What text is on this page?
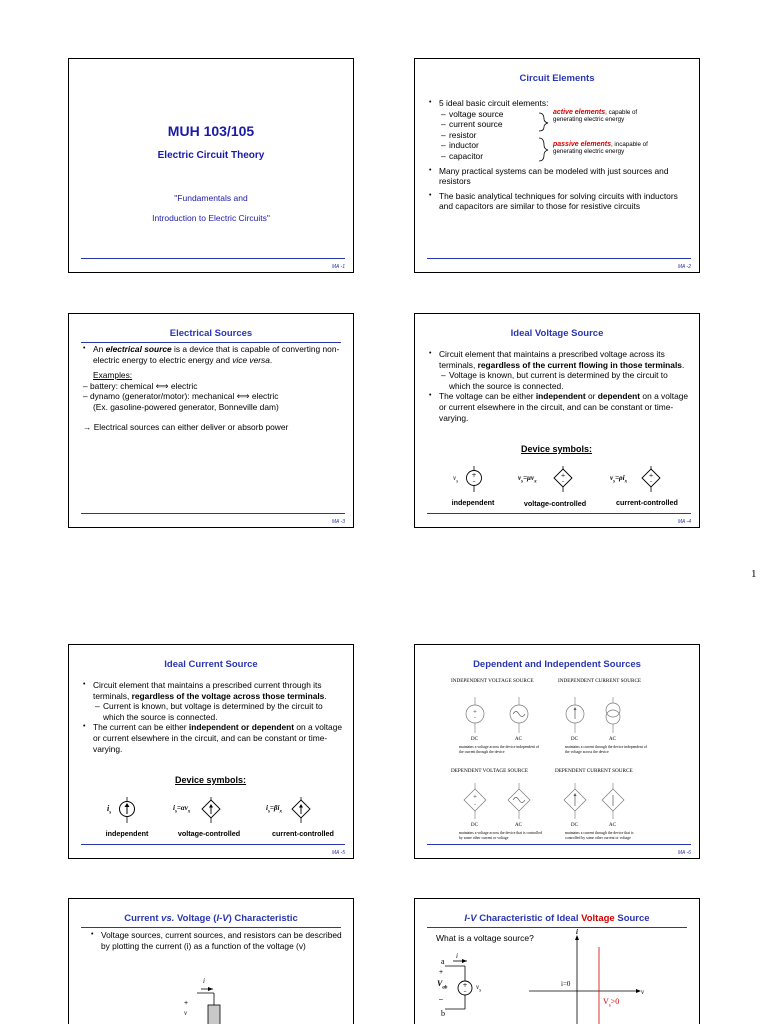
MUH 103/105
Electric Circuit Theory
"Fundamentals and
Introduction to Electric Circuits"
MA -1
Circuit Elements
• 5 ideal basic circuit elements:
– voltage source
– current source
– resistor
– inductor
– capacitor
active elements, capable of
generating electric energy
passive elements, incapable of
generating electric energy
• Many practical systems can be modeled with just sources and resistors
• The basic analytical techniques for solving circuits with inductors and capacitors are similar to those for resistive circuits
MA -2
Electrical Sources
• An electrical source is a device that is capable of converting non-electric energy to electric energy and vice versa.
Examples:
– battery: chemical ⟺ electric
– dynamo (generator/motor): mechanical ⟺ electric
(Ex. gasoline-powered generator, Bonneville dam)
→ Electrical sources can either deliver or absorb power
MA -3
Ideal Voltage Source
• Circuit element that maintains a prescribed voltage across its terminals, regardless of the current flowing in those terminals.
– Voltage is known, but current is determined by the circuit to which the source is connected.
• The voltage can be either independent or dependent on a voltage or current elsewhere in the circuit, and can be constant or time-varying.
Device symbols:
$v_s$
+
–	$v_s=\mu v_x$
+
–	$v_s=\rho i_x$
+
–
independent	voltage-controlled	current-controlled
MA -4
1
Ideal Current Source
• Circuit element that maintains a prescribed current through its terminals, regardless of the voltage across those terminals.
– Current is known, but voltage is determined by the circuit to which the source is connected.
• The current can be either independent or dependent on a voltage or current elsewhere in the circuit, and can be constant or time-varying.
Device symbols:
$i_s$
$i_s=\alpha v_x$	$i_s=\beta i_x$
independent	voltage-controlled	current-controlled
MA -5
Dependent and Independent Sources
INDEPENDENT VOLTAGE SOURCE	INDEPENDENT CURRENT SOURCE
+
–
DC	AC	DC	AC
maintains a voltage across the device independent of the current through the device
maintains a current through the device independent of the voltage across the device
DEPENDENT VOLTAGE SOURCE	DEPENDENT CURRENT SOURCE
+
–
DC	AC	DC	AC
maintains a voltage across the device that is controlled by some other current or voltage
maintains a current through the device that is controlled by some other current or voltage
MA -6
Current vs. Voltage (I-V) Characteristic
• Voltage sources, current sources, and resistors can be described by plotting the current (i) as a function of the voltage (v)
i
+
v
I-V Characteristic of Ideal Voltage Source
What is a voltage source?
a
i
+
$V_{ab}$
–
b
$v_s$
+
–
i
v
i=0
$V_s>0$
